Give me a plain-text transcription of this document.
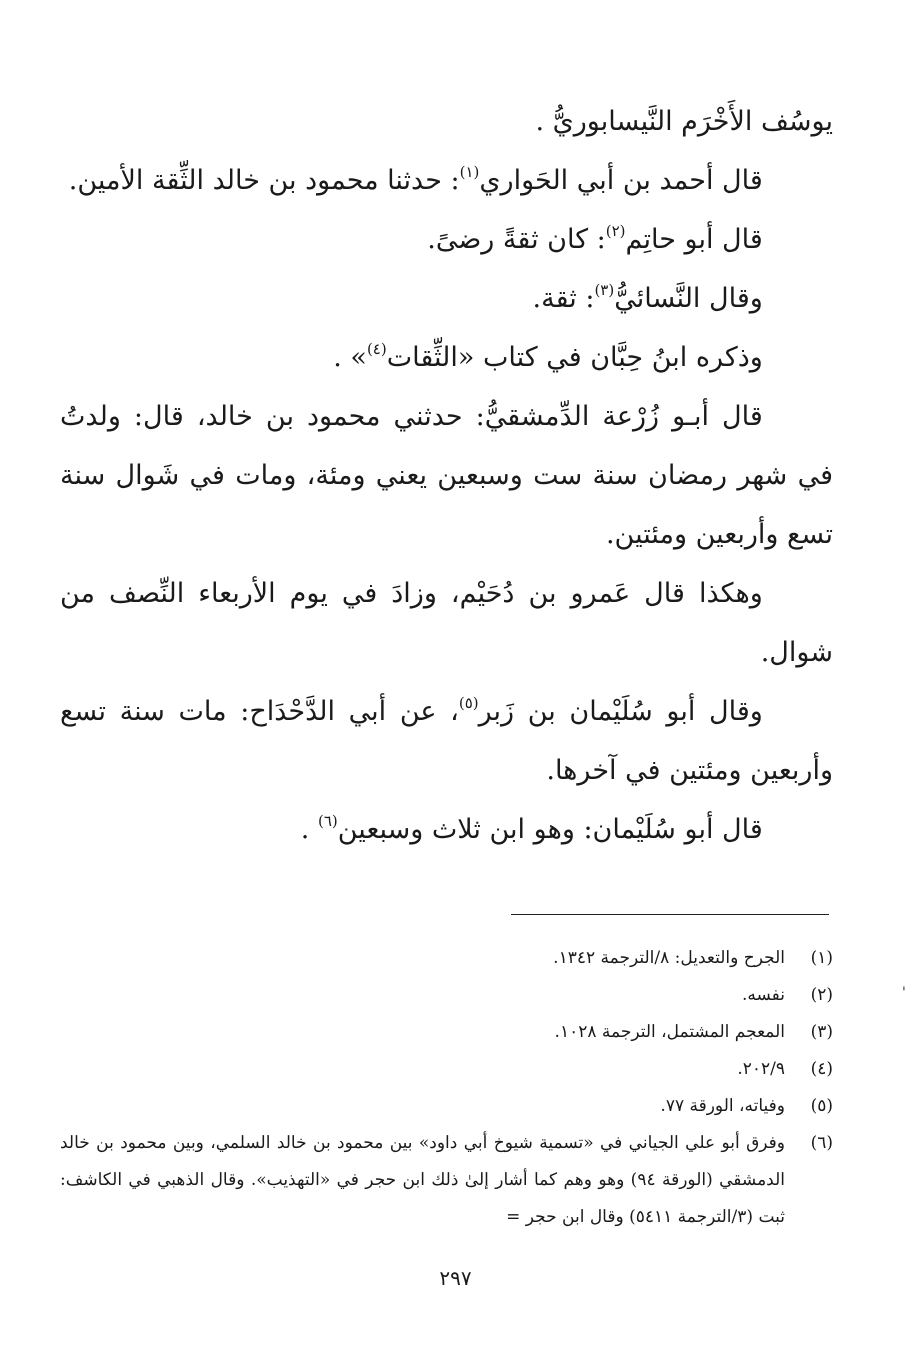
يوسُف الأَخْرَم النَّيسابوريُّ .

قال أحمد بن أبي الحَواري$^{(١)}$: حدثنا محمود بن خالد الثِّقة الأمين.

قال أبو حاتِم$^{(٢)}$: كان ثقةً رضىً.

وقال النَّسائيُّ$^{(٣)}$: ثقة.

وذكره ابنُ حِبَّان في كتاب «الثِّقات$^{(٤)}$» .

قال أبـو زُرْعة الدِّمشقيُّ: حدثني محمود بن خالد، قال: ولدتُ في شهر رمضان سنة ست وسبعين يعني ومئة، ومات في شَوال سنة تسع وأربعين ومئتين.

وهكذا قال عَمرو بن دُحَيْم، وزادَ في يوم الأربعاء النِّصف من شوال.

وقال أبو سُلَيْمان بن زَبر$^{(٥)}$، عن أبي الدَّحْدَاح: مات سنة تسع وأربعين ومئتين في آخرها.

قال أبو سُلَيْمان: وهو ابن ثلاث وسبعين$^{(٦)}$ .

(١)
الجرح والتعديل: ٨/الترجمة ١٣٤٢.
(٢)
نفسه.
(٣)
المعجم المشتمل، الترجمة ١٠٢٨.
(٤)
٢٠٢/٩.
(٥)
وفياته، الورقة ٧٧.
(٦)
وفرق أبو علي الجياني في «تسمية شيوخ أبي داود» بين محمود بن خالد السلمي، وبين محمود بن خالد الدمشقي (الورقة ٩٤) وهو وهم كما أشار إلىٰ ذلك ابن حجر في «التهذيب». وقال الذهبي في الكاشف: ثبت (٣/الترجمة ٥٤١١) وقال ابن حجر =
٢٩٧
'
